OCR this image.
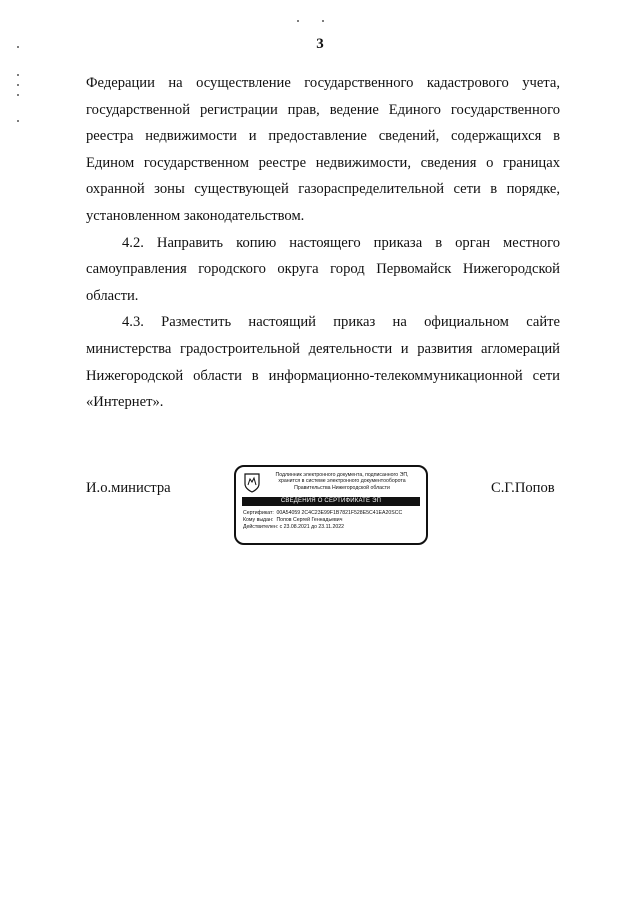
3

Федерации на осуществление государственного кадастрового учета, государственной регистрации прав, ведение Единого государственного реестра недвижимости и предоставление сведений, содержащихся в Едином государственном реестре недвижимости, сведения о границах охранной зоны существующей газораспределительной сети в порядке, установленном законодательством.

4.2. Направить копию настоящего приказа в орган местного самоуправления городского округа город Первомайск Нижегородской области.

4.3. Разместить настоящий приказ на официальном сайте министерства градостроительной деятельности и развития агломераций Нижегородской области в информационно-телекоммуникационной сети «Интернет».

И.о.министра	С.Г.Попов
Подлинник электронного документа, подписанного ЭП,
хранится в системе электронного документооборота
Правительства Нижегородской области
СВЕДЕНИЯ О СЕРТИФИКАТЕ ЭП
Сертификат: 00A54059 2C4C23E99F1B7821F528E5C41EA20SCC
Кому выдан: Попов Сергей Геннадьевич
Действителен: с 23.08.2021 до 23.11.2022
